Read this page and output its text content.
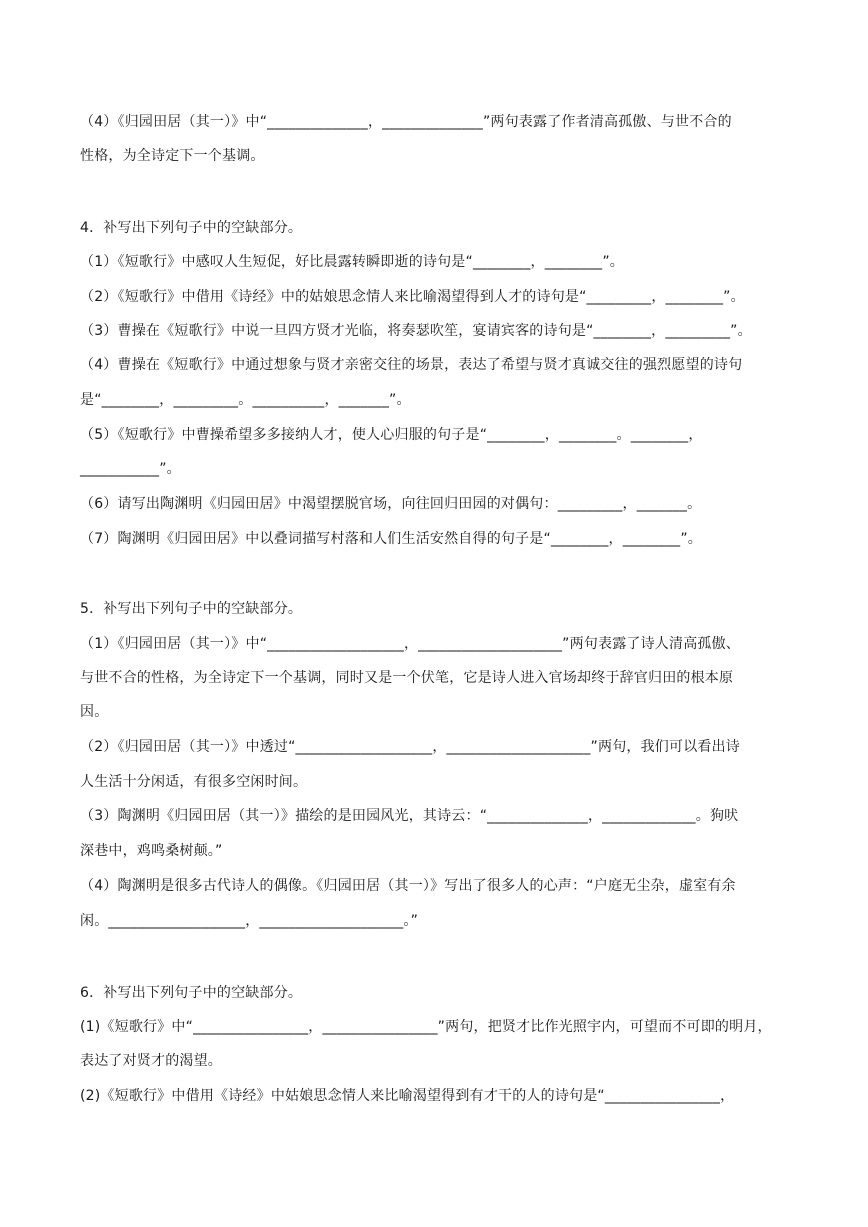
（4）《归园田居（其一）》中“______________，______________”两句表露了作者清高孤傲、与世不合的
性格，为全诗定下一个基调。
4．补写出下列句子中的空缺部分。
（1）《短歌行》中感叹人生短促，好比晨露转瞬即逝的诗句是“________，________”。
（2）《短歌行》中借用《诗经》中的姑娘思念情人来比喻渴望得到人才的诗句是“_________，________”。
（3）曹操在《短歌行》中说一旦四方贤才光临，将奏瑟吹笙，宴请宾客的诗句是“________，_________”。
（4）曹操在《短歌行》中通过想象与贤才亲密交往的场景，表达了希望与贤才真诚交往的强烈愿望的诗句
是“________，_________。__________，_______”。
（5）《短歌行》中曹操希望多多接纳人才，使人心归服的句子是“________，________。________，
___________”。
（6）请写出陶渊明《归园田居》中渴望摆脱官场，向往回归田园的对偶句：_________，_______。
（7）陶渊明《归园田居》中以叠词描写村落和人们生活安然自得的句子是“________，________”。
5．补写出下列句子中的空缺部分。
（1）《归园田居（其一）》中“___________________，____________________”两句表露了诗人清高孤傲、
与世不合的性格，为全诗定下一个基调，同时又是一个伏笔，它是诗人进入官场却终于辞官归田的根本原
因。
（2）《归园田居（其一）》中透过“___________________，____________________”两句，我们可以看出诗
人生活十分闲适，有很多空闲时间。
（3）陶渊明《归园田居（其一）》描绘的是田园风光，其诗云：“______________，_____________。狗吠
深巷中，鸡鸣桑树颠。”
（4）陶渊明是很多古代诗人的偶像。《归园田居（其一）》写出了很多人的心声：“户庭无尘杂，虚室有余
闲。___________________，____________________。”
6．补写出下列句子中的空缺部分。
(1)《短歌行》中“________________，________________”两句，把贤才比作光照宇内，可望而不可即的明月，
表达了对贤才的渴望。
(2)《短歌行》中借用《诗经》中姑娘思念情人来比喻渴望得到有才干的人的诗句是“________________，
